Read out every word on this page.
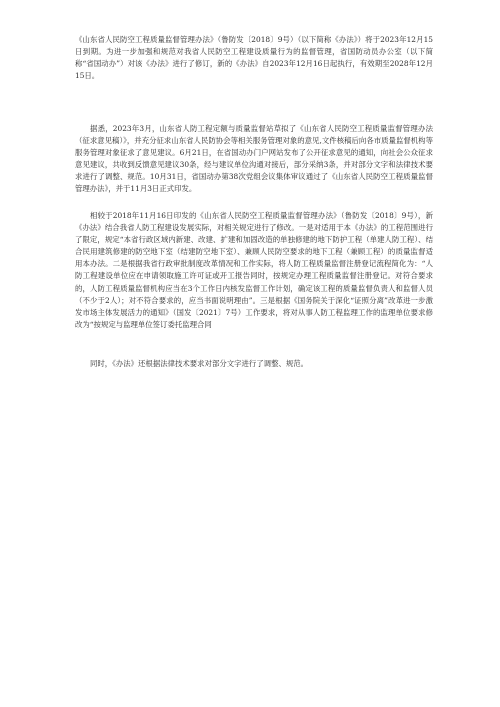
《山东省人民防空工程质量监督管理办法》（鲁防发〔2018〕9号）（以下简称《办法》）将于2023年12月15日到期。为进一步加强和规范对我省人民防空工程建设质量行为的监督管理，省国防动员办公室（以下简称“省国动办”）对该《办法》进行了修订，新的《办法》自2023年12月16日起执行，有效期至2028年12月15日。
据悉，2023年3月，山东省人防工程定额与质量监督站草拟了《山东省人民防空工程质量监督管理办法（征求意见稿）》，并充分征求山东省人民防协会等相关服务管理对象的意见,文件核稿后向各市质量监督机构等服务管理对象征求了意见建议。6月21日，在省国动办门户网站发布了公开征求意见的通知，向社会公众征求意见建议，共收到反馈意见建议30条，经与建议单位沟通对接后，部分采纳3条，并对部分文字和法律技术要求进行了调整、规范。10月31日，省国动办第38次党组会议集体审议通过了《山东省人民防空工程质量监督管理办法》，并于11月3日正式印发。
相较于2018年11月16日印发的《山东省人民防空工程质量监督管理办法》（鲁防发〔2018〕9号），新《办法》结合我省人防工程建设发展实际，对相关规定进行了修改。一是对适用于本《办法》的工程范围进行了限定，规定“本省行政区域内新建、改建、扩建和加固改造的单独修建的地下防护工程（单建人防工程）、结合民用建筑修建的防空地下室（结建防空地下室）、兼顾人民防空要求的地下工程（兼顾工程）的质量监督适用本办法。二是根据我省行政审批制度改革情况和工作实际，将人防工程质量监督注册登记流程简化为：“人防工程建设单位应在申请领取施工许可证或开工报告同时，按规定办理工程质量监督注册登记。对符合要求的，人防工程质量监督机构应当在3个工作日内核发监督工作计划，确定该工程的质量监督负责人和监督人员（不少于2人）；对不符合要求的，应当书面说明理由”。三是根据《国务院关于深化“证照分离”改革进一步激发市场主体发展活力的通知》（国发〔2021〕7号）工作要求，将对从事人防工程监理工作的监理单位要求修改为“按规定与监理单位签订委托监理合同
同时，《办法》还根据法律技术要求对部分文字进行了调整、规范。
